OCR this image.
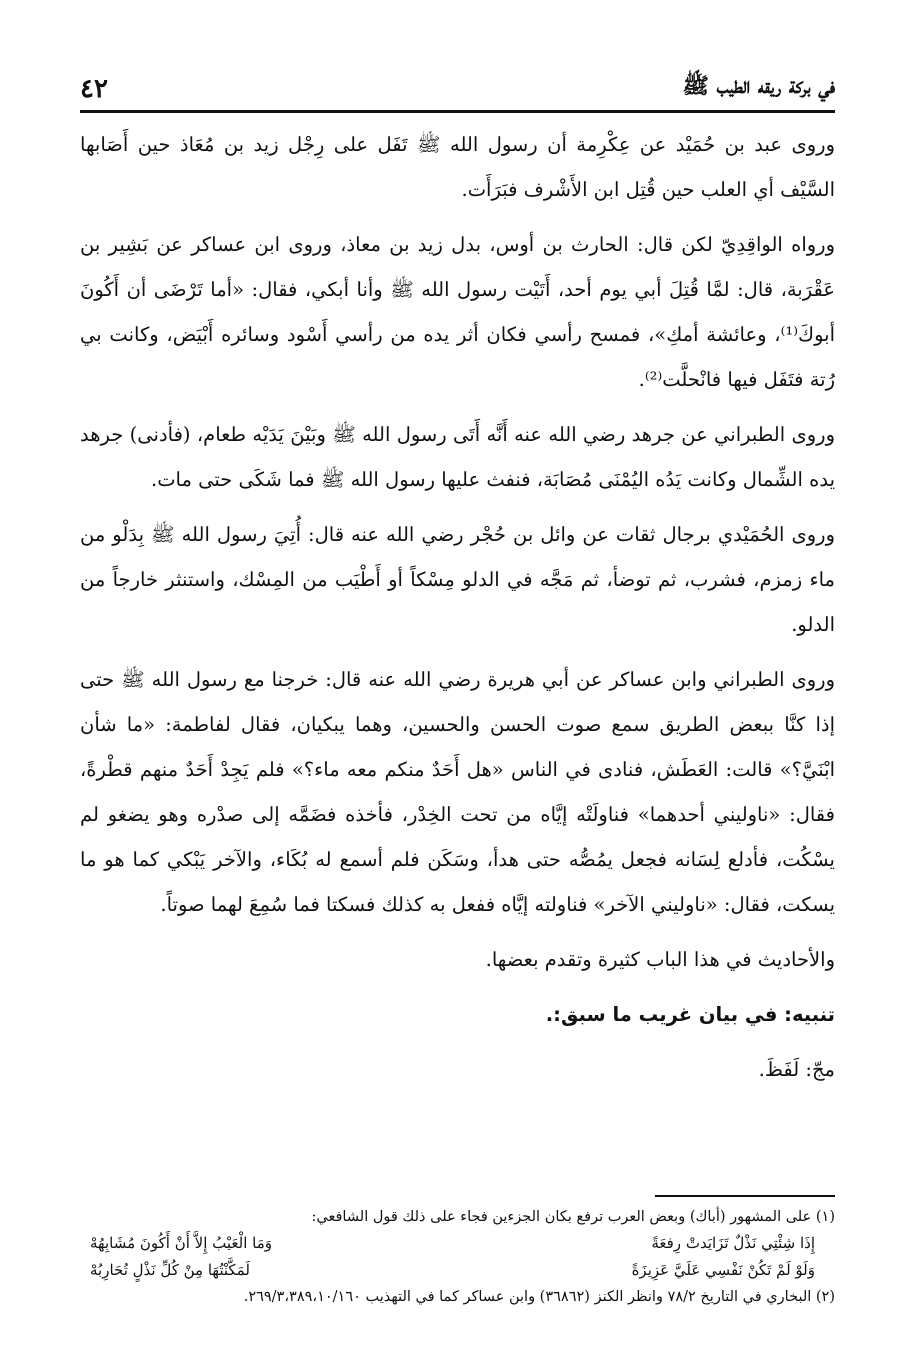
في بركة ريقه الطيب ﷺ
٤٢

وروى عبد بن حُمَيْد عن عِكْرِمة أن رسول الله ﷺ تَفَل على رِجْل زيد بن مُعَاذ حين أَصَابها السَّيْف أي العلب حين قُتِل ابن الأَشْرف فبَرَأَت.

ورواه الواقِدِيّ لكن قال: الحارث بن أوس، بدل زيد بن معاذ، وروى ابن عساكر عن بَشِير بن عَقْرَبة، قال: لمَّا قُتِلَ أبي يوم أحد، أَتَيْت رسول الله ﷺ وأنا أبكي، فقال: «أما تَرْضَى أن أَكُونَ أبوكَ⁽¹⁾، وعائشة أمكِ»، فمسح رأسي فكان أثر يده من رأسي أَسْود وسائره أَبْيَض، وكانت بي رُتة فتَفَل فيها فانْحلَّت⁽²⁾.

وروى الطبراني عن جرهد رضي الله عنه أَنَّه أَتَى رسول الله ﷺ وبَيْنَ يَدَيْه طعام، (فأدنى) جرهد يده الشِّمال وكانت يَدُه اليُمْنَى مُصَابَة، فنفث عليها رسول الله ﷺ فما شَكَى حتى مات.

وروى الحُمَيْدي برجال ثقات عن وائل بن حُجْر رضي الله عنه قال: أُتِيَ رسول الله ﷺ بِدَلْو من ماء زمزم، فشرب، ثم توضأ، ثم مَجَّه في الدلو مِسْكاً أو أَطْيَب من المِسْك، واستنثر خارجاً من الدلو.

وروى الطبراني وابن عساكر عن أبي هريرة رضي الله عنه قال: خرجنا مع رسول الله ﷺ حتى إذا كنَّا ببعض الطريق سمع صوت الحسن والحسين، وهما يبكيان، فقال لفاطمة: «ما شأن ابْنَيَّ؟» قالت: العَطَش، فنادى في الناس «هل أَحَدٌ منكم معه ماء؟» فلم يَجِدْ أَحَدٌ منهم قطْرةً، فقال: «ناوليني أحدهما» فناولَتْه إيَّاه من تحت الخِدْر، فأخذه فضَمَّه إلى صدْره وهو يضغو لم يسْكُت، فأدلع لِسَانه فجعل يمُصُّه حتى هدأ، وسَكَن فلم أسمع له بُكَاء، والآخر يَبْكي كما هو ما يسكت، فقال: «ناوليني الآخر» فناولته إيَّاه ففعل به كذلك فسكتا فما سُمِعَ لهما صوتاً.

والأحاديث في هذا الباب كثيرة وتقدم بعضها.

تنبيه: في بيان غريب ما سبق:.

مجّ: لَفَظَ.

(١) على المشهور (أباك) وبعض العرب ترفع بكان الجزءين فجاء على ذلك قول الشافعي:

إِذَا شِئْتِي نَذْلٌ تَزَايَدتْ رِفعَةً
وَمَا الْعَيْبُ إِلاَّ أَنْ أَكُونَ مُشَابِهُهْ
وَلَوْ لَمْ تَكُنْ نَفْسِي عَلَيَّ عَزِيزَةً
لَمَكَّنْتُهَا مِنْ كُلِّ نَذْلٍ تُحَارِبُهْ

(٢) البخاري في التاريخ ٧٨/٢ وانظر الكنز (٣٦٨٦٢) وابن عساكر كما في التهذيب ٢٦٩/٣،٣٨٩،١٠/١٦٠.
